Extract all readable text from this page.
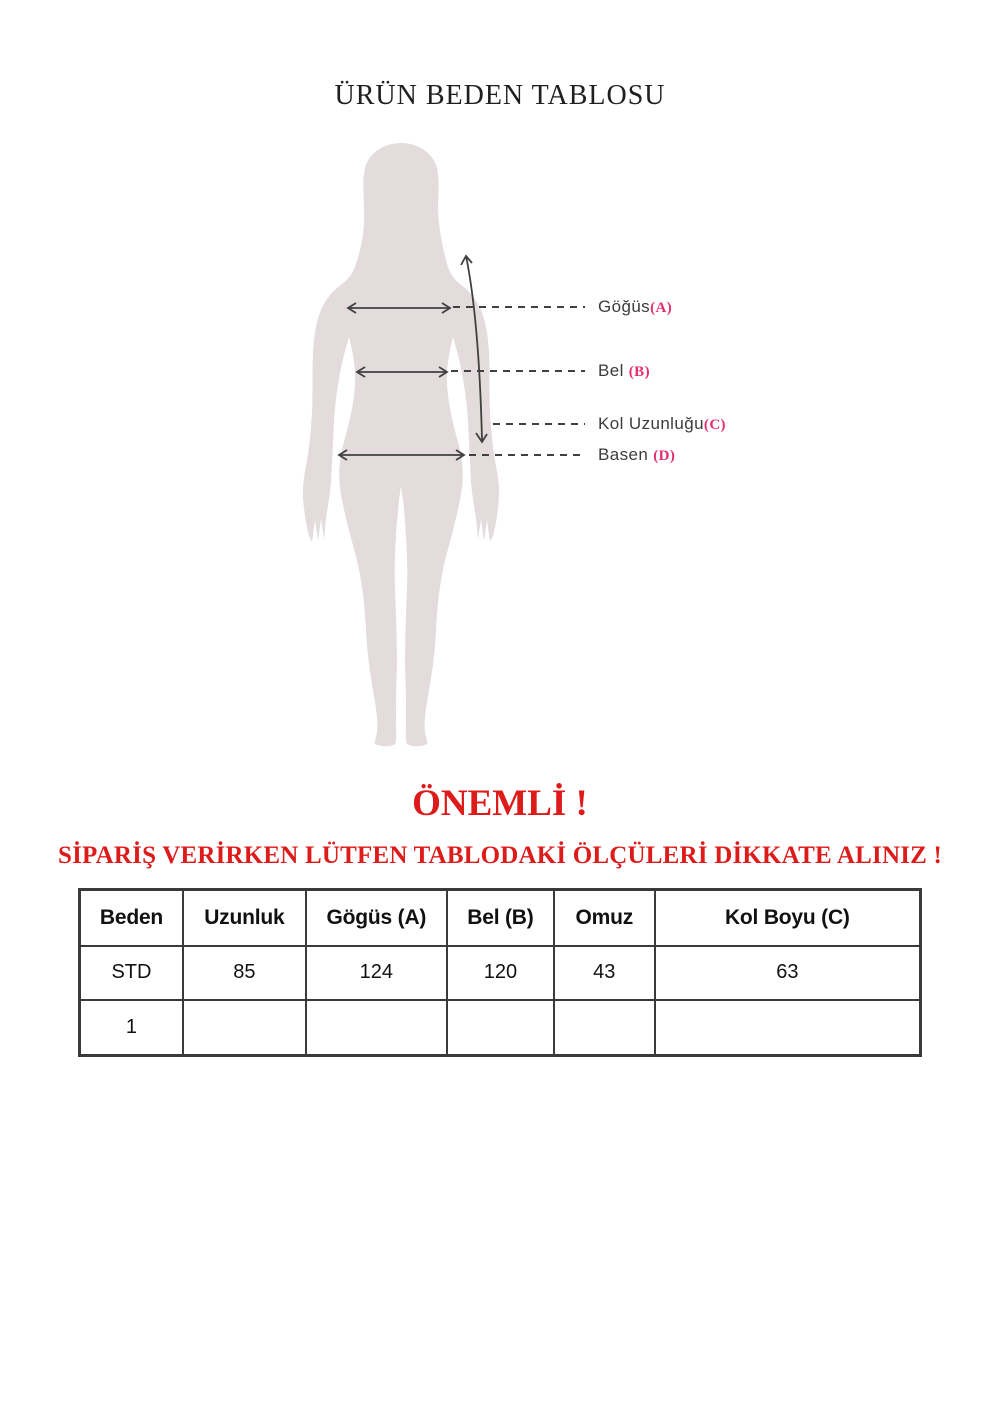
ÜRÜN BEDEN TABLOSU
Göğüs(A)
Bel (B)
Kol Uzunluğu(C)
Basen (D)
ÖNEMLİ !
SİPARİŞ VERİRKEN LÜTFEN TABLODAKİ ÖLÇÜLERİ DİKKATE ALINIZ !
Beden	Uzunluk	Gögüs (A)	Bel (B)	Omuz	Kol Boyu (C)
STD	85	124	120	43	63
1					
